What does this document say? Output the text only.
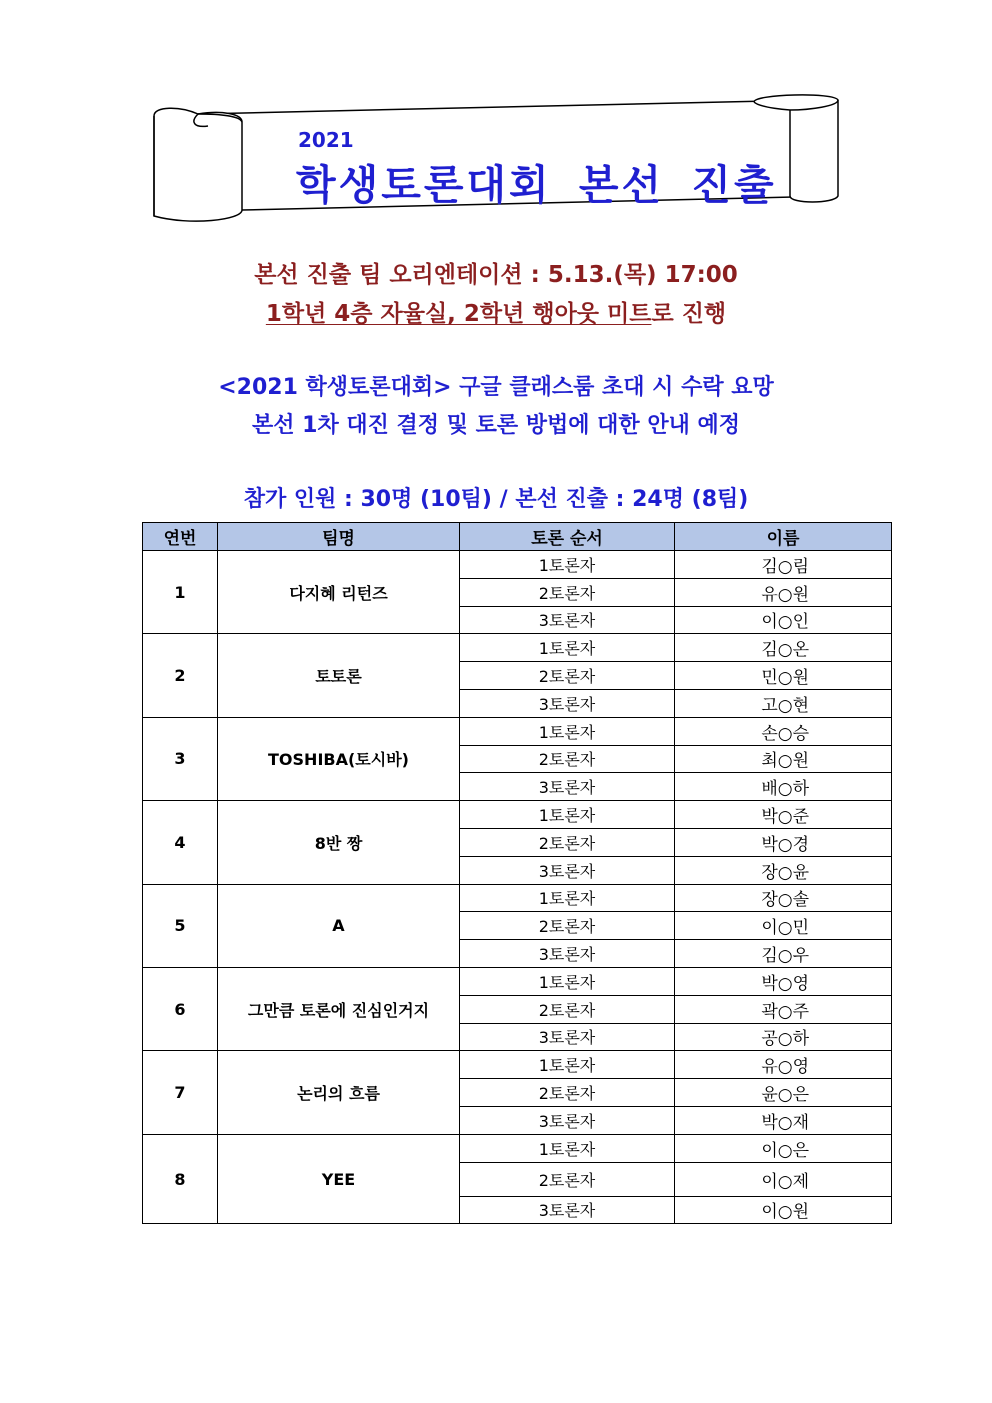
2021

학생토론대회 본선 진출

본선 진출 팀 오리엔테이션 : 5.13.(목) 17:00

1학년 4층 자율실, 2학년 행아웃 미트로 진행

<2021 학생토론대회> 구글 클래스룸 초대 시 수락 요망

본선 1차 대진 결정 및 토론 방법에 대한 안내 예정

참가 인원 : 30명 (10팀) / 본선 진출 : 24명 (8팀)

연번	팀명	토론 순서	이름
1	다지혜 리턴즈	1토론자	김○림
		2토론자	유○원
		3토론자	이○인
2	토토론	1토론자	김○온
		2토론자	민○원
		3토론자	고○현
3	TOSHIBA(토시바)	1토론자	손○승
		2토론자	최○원
		3토론자	배○하
4	8반 짱	1토론자	박○준
		2토론자	박○경
		3토론자	장○윤
5	A	1토론자	장○솔
		2토론자	이○민
		3토론자	김○우
6	그만큼 토론에 진심인거지	1토론자	박○영
		2토론자	곽○주
		3토론자	공○하
7	논리의 흐름	1토론자	유○영
		2토론자	윤○은
		3토론자	박○재
8	YEE	1토론자	이○은
		2토론자	이○제
		3토론자	이○원
